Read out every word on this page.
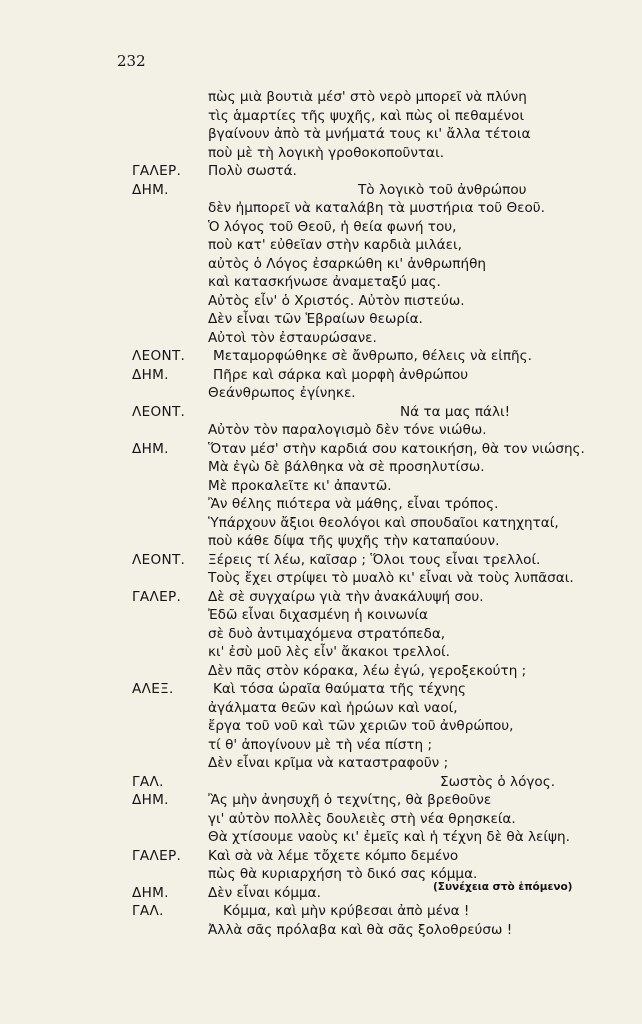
232
πὼς μιὰ βουτιὰ μέσ' στὸ νερὸ μπορεῖ νὰ πλύνη
τὶς ἁμαρτίες τῆς ψυχῆς, καὶ πὼς οἱ πεθαμένοι
βγαίνουν ἀπὸ τὰ μνήματά τους κι' ἄλλα τέτοια
ποὺ μὲ τὴ λογικὴ γροθοκοποῦνται.
ΓΑΛΕΡ. Πολὺ σωστά.
ΔΗΜ.	Τὸ λογικὸ τοῦ ἀνθρώπου
δὲν ἠμπορεῖ νὰ καταλάβη τὰ μυστήρια τοῦ Θεοῦ.
Ὁ λόγος τοῦ Θεοῦ, ἡ θεία φωνή του,
ποὺ κατ' εὐθεῖαν στὴν καρδιὰ μιλάει,
αὐτὸς ὁ Λόγος ἐσαρκώθη κι' ἀνθρωπήθη
καὶ κατασκήνωσε ἀναμεταξύ μας.
Αὐτὸς εἶν' ὁ Χριστός. Αὐτὸν πιστεύω.
Δὲν εἶναι τῶν Ἑβραίων θεωρία.
Αὐτοὶ τὸν ἐσταυρώσανε.
ΛΕΟΝΤ. Μεταμορφώθηκε σὲ ἄνθρωπο, θέλεις νὰ εἰπῆς.
ΔΗΜ.	Πῆρε καὶ σάρκα καὶ μορφὴ ἀνθρώπου
Θεάνθρωπος ἐγίνηκε.
ΛΕΟΝΤ.	Νά τα μας πάλι!
Αὐτὸν τὸν παραλογισμὸ δὲν τόνε νιώθω.
ΔΗΜ.	Ὅταν μέσ' στὴν καρδιά σου κατοικήση, θὰ τον νιώσης.
Μὰ ἐγὼ δὲ βάλθηκα νὰ σὲ προσηλυτίσω.
Μὲ προκαλεῖτε κι' ἀπαντῶ.
Ἂν θέλης πιότερα νὰ μάθης, εἶναι τρόπος.
Ὑπάρχουν ἄξιοι θεολόγοι καὶ σπουδαῖοι κατηχηταί,
ποὺ κάθε δίψα τῆς ψυχῆς τὴν καταπαύουν.
ΛΕΟΝΤ. Ξέρεις τί λέω, καῖσαρ ; Ὅλοι τους εἶναι τρελλοί.
Τοὺς ἔχει στρίψει τὸ μυαλὸ κι' εἶναι νὰ τοὺς λυπᾶσαι.
ΓΑΛΕΡ. Δὲ σὲ συγχαίρω γιὰ τὴν ἀνακάλυψή σου.
Ἐδῶ εἶναι διχασμένη ἡ κοινωνία
σὲ δυὸ ἀντιμαχόμενα στρατόπεδα,
κι' ἐσὺ μοῦ λὲς εἶν' ἄκακοι τρελλοί.
Δὲν πᾶς στὸν κόρακα, λέω ἐγώ, γεροξεκούτη ;
ΑΛΕΞ.	Καὶ τόσα ὡραῖα θαύματα τῆς τέχνης
ἀγάλματα θεῶν καὶ ἡρώων καὶ ναοί,
ἔργα τοῦ νοῦ καὶ τῶν χεριῶν τοῦ ἀνθρώπου,
τί θ' ἀπογίνουν μὲ τὴ νέα πίστη ;
Δὲν εἶναι κρῖμα νὰ καταστραφοῦν ;
ΓΑΛ.	Σωστὸς ὁ λόγος.
ΔΗΜ.	Ἂς μὴν ἀνησυχῆ ὁ τεχνίτης, θὰ βρεθοῦνε
γι' αὐτὸν πολλὲς δουλειὲς στὴ νέα θρησκεία.
Θὰ χτίσουμε ναοὺς κι' ἐμεῖς καὶ ἡ τέχνη δὲ θὰ λείψη.
ΓΑΛΕΡ. Καὶ σὰ νὰ λέμε τὄχετε κόμπο δεμένο
πὼς θὰ κυριαρχήση τὸ δικό σας κόμμα.
ΔΗΜ.	Δὲν εἶναι κόμμα.
ΓΑΛ.	Κόμμα, καὶ μὴν κρύβεσαι ἀπὸ μένα !
Ἀλλὰ σᾶς πρόλαβα καὶ θὰ σᾶς ξολοθρεύσω !
(Συνέχεια στὸ ἑπόμενο)
